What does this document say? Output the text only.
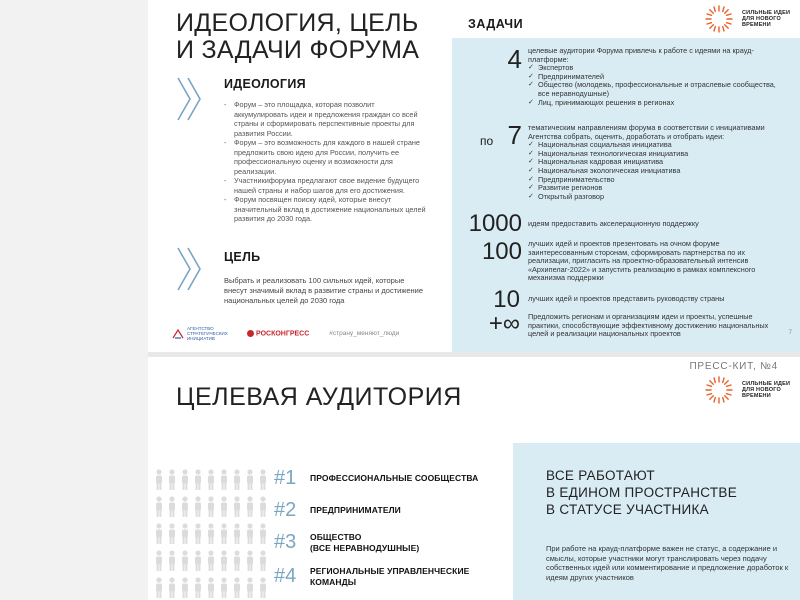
ИДЕОЛОГИЯ, ЦЕЛЬ
И ЗАДАЧИ ФОРУМА
ИДЕОЛОГИЯ
- Форум – это площадка, которая позволит аккумулировать идеи и предложения граждан со всей страны и сформировать перспективные проекты для развития России.
- Форум – это возможность для каждого в нашей стране предложить свою идею для России, получить ее профессиональную оценку и возможности для реализации.
- Участникифорума предлагают свое видение будущего нашей страны и набор шагов для его достижения.
- Форум посвящен поиску идей, которые внесут значительный вклад в достижение национальных целей развития до 2030 года.
ЦЕЛЬ
Выбрать и реализовать 100 сильных идей, которые внесут значимый вклад в развитие страны и достижение национальных целей до 2030 года
АГЕНТСТВО СТРАТЕГИЧЕСКИХ ИНИЦИАТИВ
РОСКОНГРЕСС	#страну_меняют_люди
ЗАДАЧИ
СИЛЬНЫЕ ИДЕИ
ДЛЯ НОВОГО
ВРЕМЕНИ
4 целевые аудитории Форума привлечь к работе с идеями на крауд-платформе:
✓ Экспертов
✓ Предпринимателей
✓ Общество (молодежь, профессиональные и отраслевые сообщества, все неравнодушные)
✓ Лиц, принимающих решения в регионах
по 7 тематическим направлениям форума в соответствии с инициативами Агентства собрать, оценить, доработать и отобрать идеи:
✓ Национальная социальная инициатива
✓ Национальная технологическая инициатива
✓ Национальная кадровая инициатива
✓ Национальная экологическая инициатива
✓ Предпринимательство
✓ Развитие регионов
✓ Открытый разговор
1000 идеям предоставить акселерационную поддержку
100 лучших идей и проектов презентовать на очном форуме заинтересованным сторонам, сформировать партнерства по их реализации, пригласить на проектно-образовательный интенсив «Архипелаг-2022» и запустить реализацию в рамках комплексного механизма поддержки
10 лучших идей и проектов представить руководству страны
+∞ Предложить регионам и организациям идеи и проекты, успешные практики, способствующие эффективному достижению национальных целей и реализации национальных проектов	7
ПРЕСС-КИТ, №4
СИЛЬНЫЕ ИДЕИ
ДЛЯ НОВОГО
ВРЕМЕНИ
ЦЕЛЕВАЯ АУДИТОРИЯ
#1	ПРОФЕССИОНАЛЬНЫЕ СООБЩЕСТВА
#2	ПРЕДПРИНИМАТЕЛИ
#3	ОБЩЕСТВО
(ВСЕ НЕРАВНОДУШНЫЕ)
#4	РЕГИОНАЛЬНЫЕ УПРАВЛЕНЧЕСКИЕ
КОМАНДЫ
ВСЕ РАБОТАЮТ
В ЕДИНОМ ПРОСТРАНСТВЕ
В СТАТУСЕ УЧАСТНИКА
При работе на крауд-платформе важен не статус, а содержание и смыслы, которые участники могут транслировать через подачу собственных идей или комментирование и предложение доработок к идеям других участников
